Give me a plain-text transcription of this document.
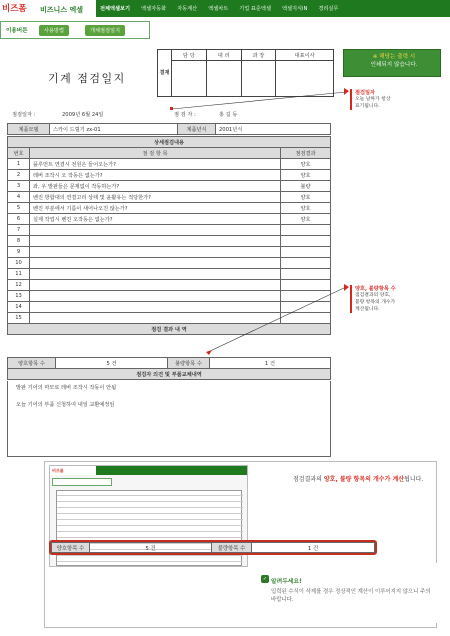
비즈폼 비즈니스 엑셀	전체엑셀보기 엑셀자동화 자동계산 엑셀차트 기업 표준엑셀 엑셀지식iN 경리실무
이용버튼	사용방법	개체점검일지
기계 점검일지	결재	담 당	대 리	과 장	대표이사

점검일자 :	2009년 6월 24일	점 검 자 :	홍 길 동
제품모델	스카이 드릴기 zx-01	제품년식	2001년식
상세점검내용		
번호	점 검 항 목	점검결과
1	플루먼트 연결시 전원은 들어오는가?	양호
2	레버 조작시 오 작동은 없는가?	양호
3	좌, 우 발판들은 문제없이 작동하는가?	불량
4	벤진 방합대의 연결고리 상태 및 윤활유는 적당한가?	양호
5	벤진 부분에서 기름이 새어나오진 않는가?	양호
6	실제 작업시 벤진 오작동은 없는가?	양호
7		
8		
9		
10		
11		
12		
13		
14		
15		
점검 결과 내 역		
양호항목 수	5 건	불량항목 수	1 건
점검자 의견 및 부품교체내역
발판 기어의 마모로 레버 조작시 작동이 안됨
오늘 기어의 부품 신청하여 내일 교환예정임
※ 해당는 출력 시
인쇄되지 않습니다.
점검일자
오늘 날짜가 항상
표기됩니다.
양호, 불량항목 수
점검결과의 양호,
불량 항목의 개수가
계산됩니다.
비즈폼
점검결과의 양호, 불량 항목의 개수가 계산됩니다.
양호항목 수	5 건	불량항목 수	1 건
✓ 알려두세요!
입력된 수식이 삭제를 경우 정상적인 계산이 이루어지지 않으니 주의 바랍니다.
